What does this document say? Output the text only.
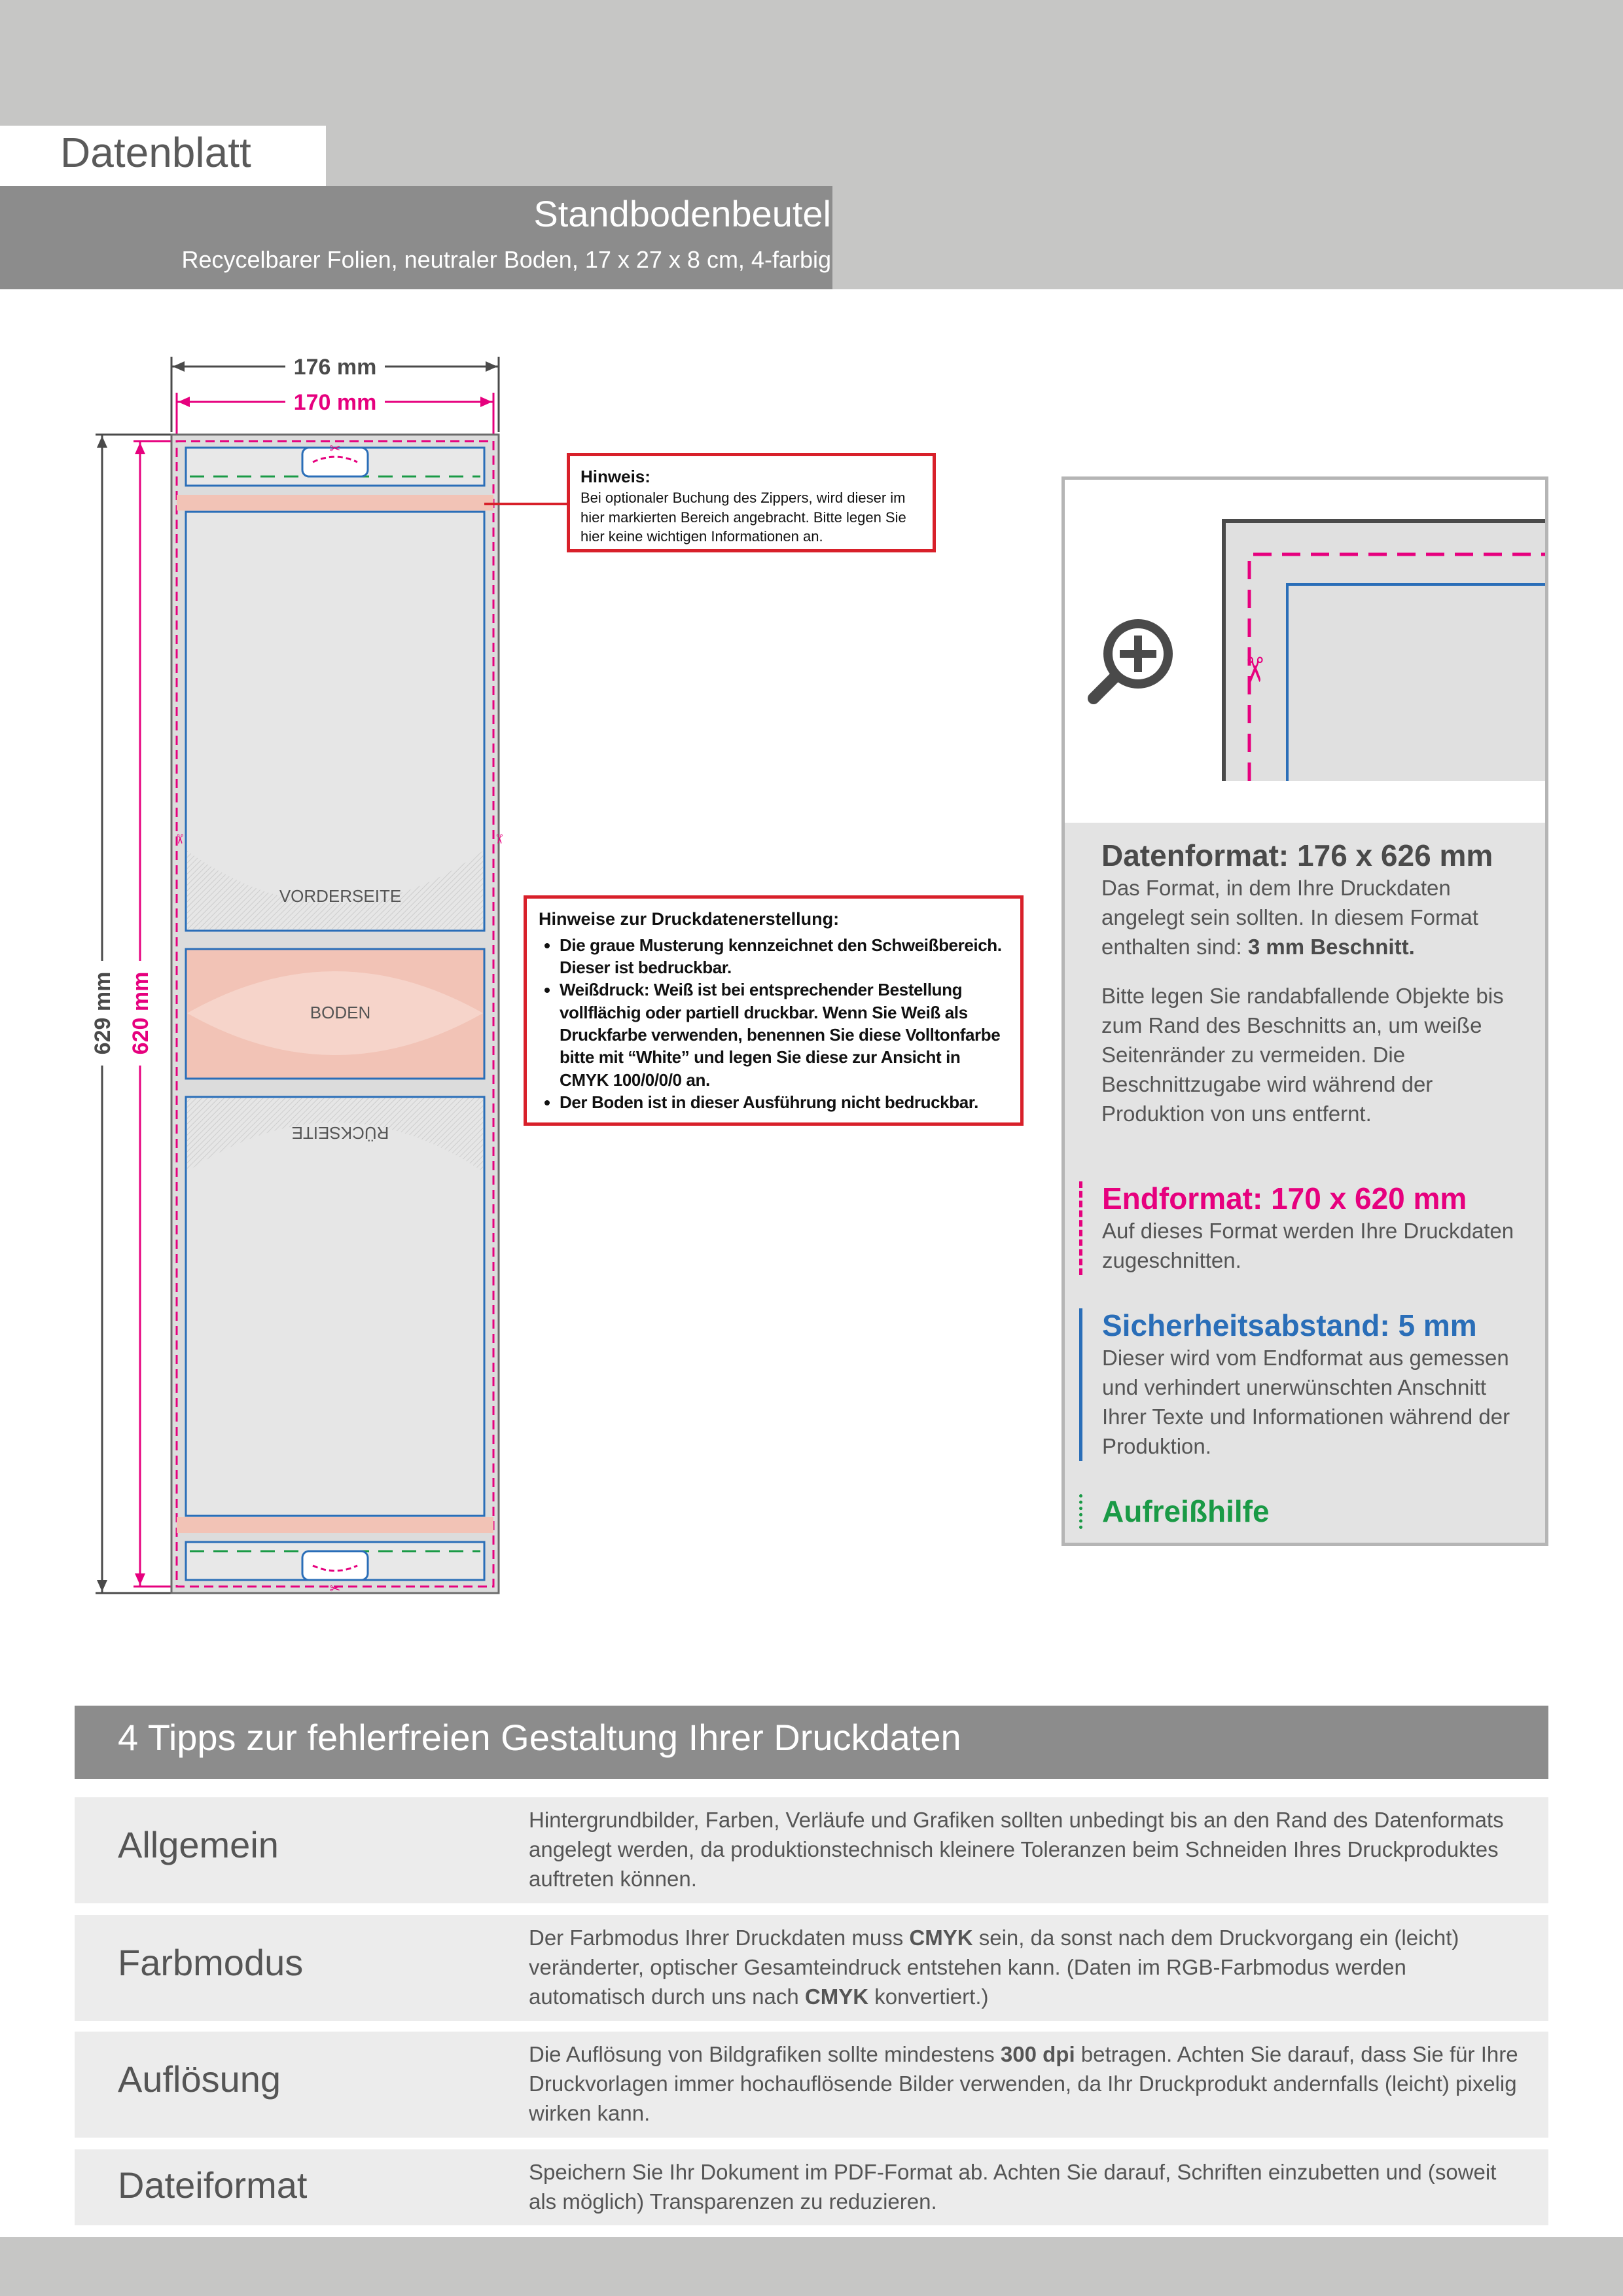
Datenblatt
Standbodenbeutel
Recycelbarer Folien, neutraler Boden, 17 x 27 x 8 cm, 4-farbig
176 mm
170 mm
629 mm 620 mm
VORDERSEITE
BODEN
RÜCKSEITE
✂
✂
✂	✂
Hinweis:
Bei optionaler Buchung des Zippers, wird dieser im hier markierten Bereich angebracht. Bitte legen Sie hier keine wichtigen Informationen an.
Hinweise zur Druckdatenerstellung:
• Die graue Musterung kennzeichnet den Schweißbereich. Dieser ist bedruckbar.
• Weißdruck: Weiß ist bei entsprechender Bestellung vollflächig oder partiell druckbar. Wenn Sie Weiß als Druckfarbe verwenden, benennen Sie diese Volltonfarbe bitte mit “White” und legen Sie diese zur Ansicht in CMYK 100/0/0/0 an.
• Der Boden ist in dieser Ausführung nicht bedruckbar.
✂
Datenformat: 176 x 626 mm
Das Format, in dem Ihre Druckdaten angelegt sein sollten. In diesem Format enthalten sind: 3 mm Beschnitt.
Bitte legen Sie randabfallende Objekte bis zum Rand des Beschnitts an, um weiße Seitenränder zu vermeiden. Die Beschnittzugabe wird während der Produktion von uns entfernt.
Endformat: 170 x 620 mm
Auf dieses Format werden Ihre Druckdaten zugeschnitten.
Sicherheitsabstand: 5 mm
Dieser wird vom Endformat aus gemessen und verhindert unerwünschten Anschnitt Ihrer Texte und Informationen während der Produktion.
Aufreißhilfe
4 Tipps zur fehlerfreien Gestaltung Ihrer Druckdaten
Allgemein
Hintergrundbilder, Farben, Verläufe und Grafiken sollten unbedingt bis an den Rand des Datenformats angelegt werden, da produktionstechnisch kleinere Toleranzen beim Schneiden Ihres Druckproduktes auftreten können.
Farbmodus
Der Farbmodus Ihrer Druckdaten muss CMYK sein, da sonst nach dem Druckvorgang ein (leicht) veränderter, optischer Gesamteindruck entstehen kann. (Daten im RGB-Farbmodus werden automatisch durch uns nach CMYK konvertiert.)
Auflösung
Die Auflösung von Bildgrafiken sollte mindestens 300 dpi betragen. Achten Sie darauf, dass Sie für Ihre Druckvorlagen immer hochauflösende Bilder verwenden, da Ihr Druckprodukt andernfalls (leicht) pixelig wirken kann.
Dateiformat	Speichern Sie Ihr Dokument im PDF-Format ab. Achten Sie darauf, Schriften einzubetten und (soweit als möglich) Transparenzen zu reduzieren.
